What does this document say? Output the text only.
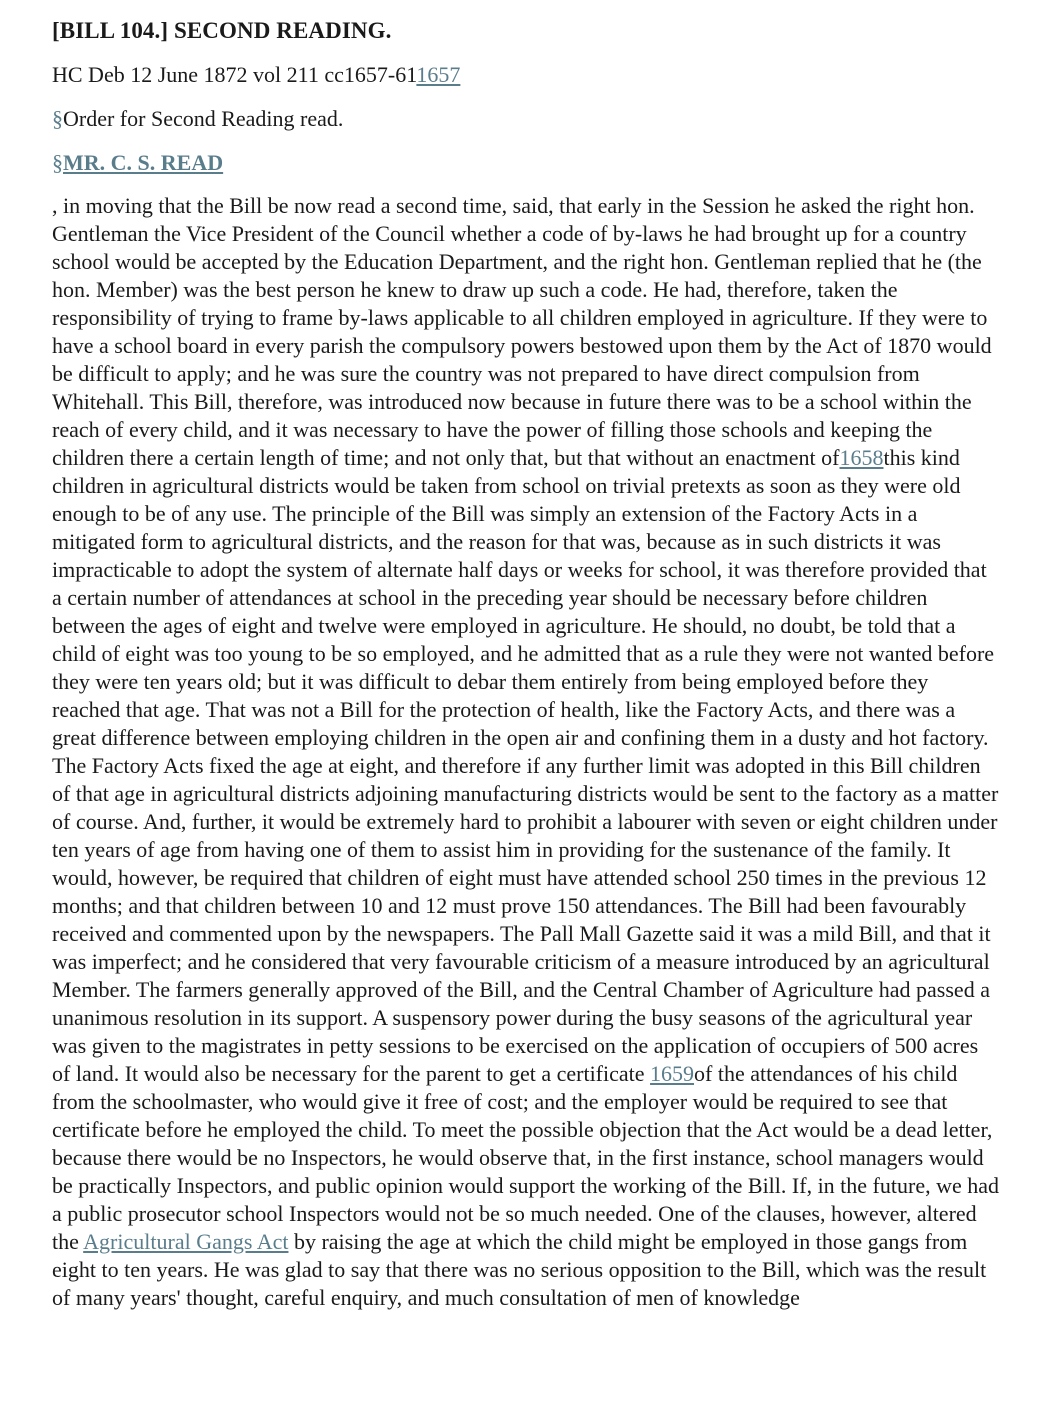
[BILL 104.] SECOND READING.
HC Deb 12 June 1872 vol 211 cc1657-611657
§Order for Second Reading read.
§MR. C. S. READ

, in moving that the Bill be now read a second time, said, that early in the Session he asked the right hon. Gentleman the Vice President of the Council whether a code of by-laws he had brought up for a country school would be accepted by the Education Department, and the right hon. Gentleman replied that he (the hon. Member) was the best person he knew to draw up such a code. He had, therefore, taken the responsibility of trying to frame by-laws applicable to all children employed in agriculture. If they were to have a school board in every parish the compulsory powers bestowed upon them by the Act of 1870 would be difficult to apply; and he was sure the country was not prepared to have direct compulsion from Whitehall. This Bill, therefore, was introduced now because in future there was to be a school within the reach of every child, and it was necessary to have the power of filling those schools and keeping the children there a certain length of time; and not only that, but that without an enactment of1658this kind children in agricultural districts would be taken from school on trivial pretexts as soon as they were old enough to be of any use. The principle of the Bill was simply an extension of the Factory Acts in a mitigated form to agricultural districts, and the reason for that was, because as in such districts it was impracticable to adopt the system of alternate half days or weeks for school, it was therefore provided that a certain number of attendances at school in the preceding year should be necessary before children between the ages of eight and twelve were employed in agriculture. He should, no doubt, be told that a child of eight was too young to be so employed, and he admitted that as a rule they were not wanted before they were ten years old; but it was difficult to debar them entirely from being employed before they reached that age. That was not a Bill for the protection of health, like the Factory Acts, and there was a great difference between employing children in the open air and confining them in a dusty and hot factory. The Factory Acts fixed the age at eight, and therefore if any further limit was adopted in this Bill children of that age in agricultural districts adjoining manufacturing districts would be sent to the factory as a matter of course. And, further, it would be extremely hard to prohibit a labourer with seven or eight children under ten years of age from having one of them to assist him in providing for the sustenance of the family. It would, however, be required that children of eight must have attended school 250 times in the previous 12 months; and that children between 10 and 12 must prove 150 attendances. The Bill had been favourably received and commented upon by the newspapers. The Pall Mall Gazette said it was a mild Bill, and that it was imperfect; and he considered that very favourable criticism of a measure introduced by an agricultural Member. The farmers generally approved of the Bill, and the Central Chamber of Agriculture had passed a unanimous resolution in its support. A suspensory power during the busy seasons of the agricultural year was given to the magistrates in petty sessions to be exercised on the application of occupiers of 500 acres of land. It would also be necessary for the parent to get a certificate 1659of the attendances of his child from the schoolmaster, who would give it free of cost; and the employer would be required to see that certificate before he employed the child. To meet the possible objection that the Act would be a dead letter, because there would be no Inspectors, he would observe that, in the first instance, school managers would be practically Inspectors, and public opinion would support the working of the Bill. If, in the future, we had a public prosecutor school Inspectors would not be so much needed. One of the clauses, however, altered the Agricultural Gangs Act by raising the age at which the child might be employed in those gangs from eight to ten years. He was glad to say that there was no serious opposition to the Bill, which was the result of many years' thought, careful enquiry, and much consultation of men of knowledge
